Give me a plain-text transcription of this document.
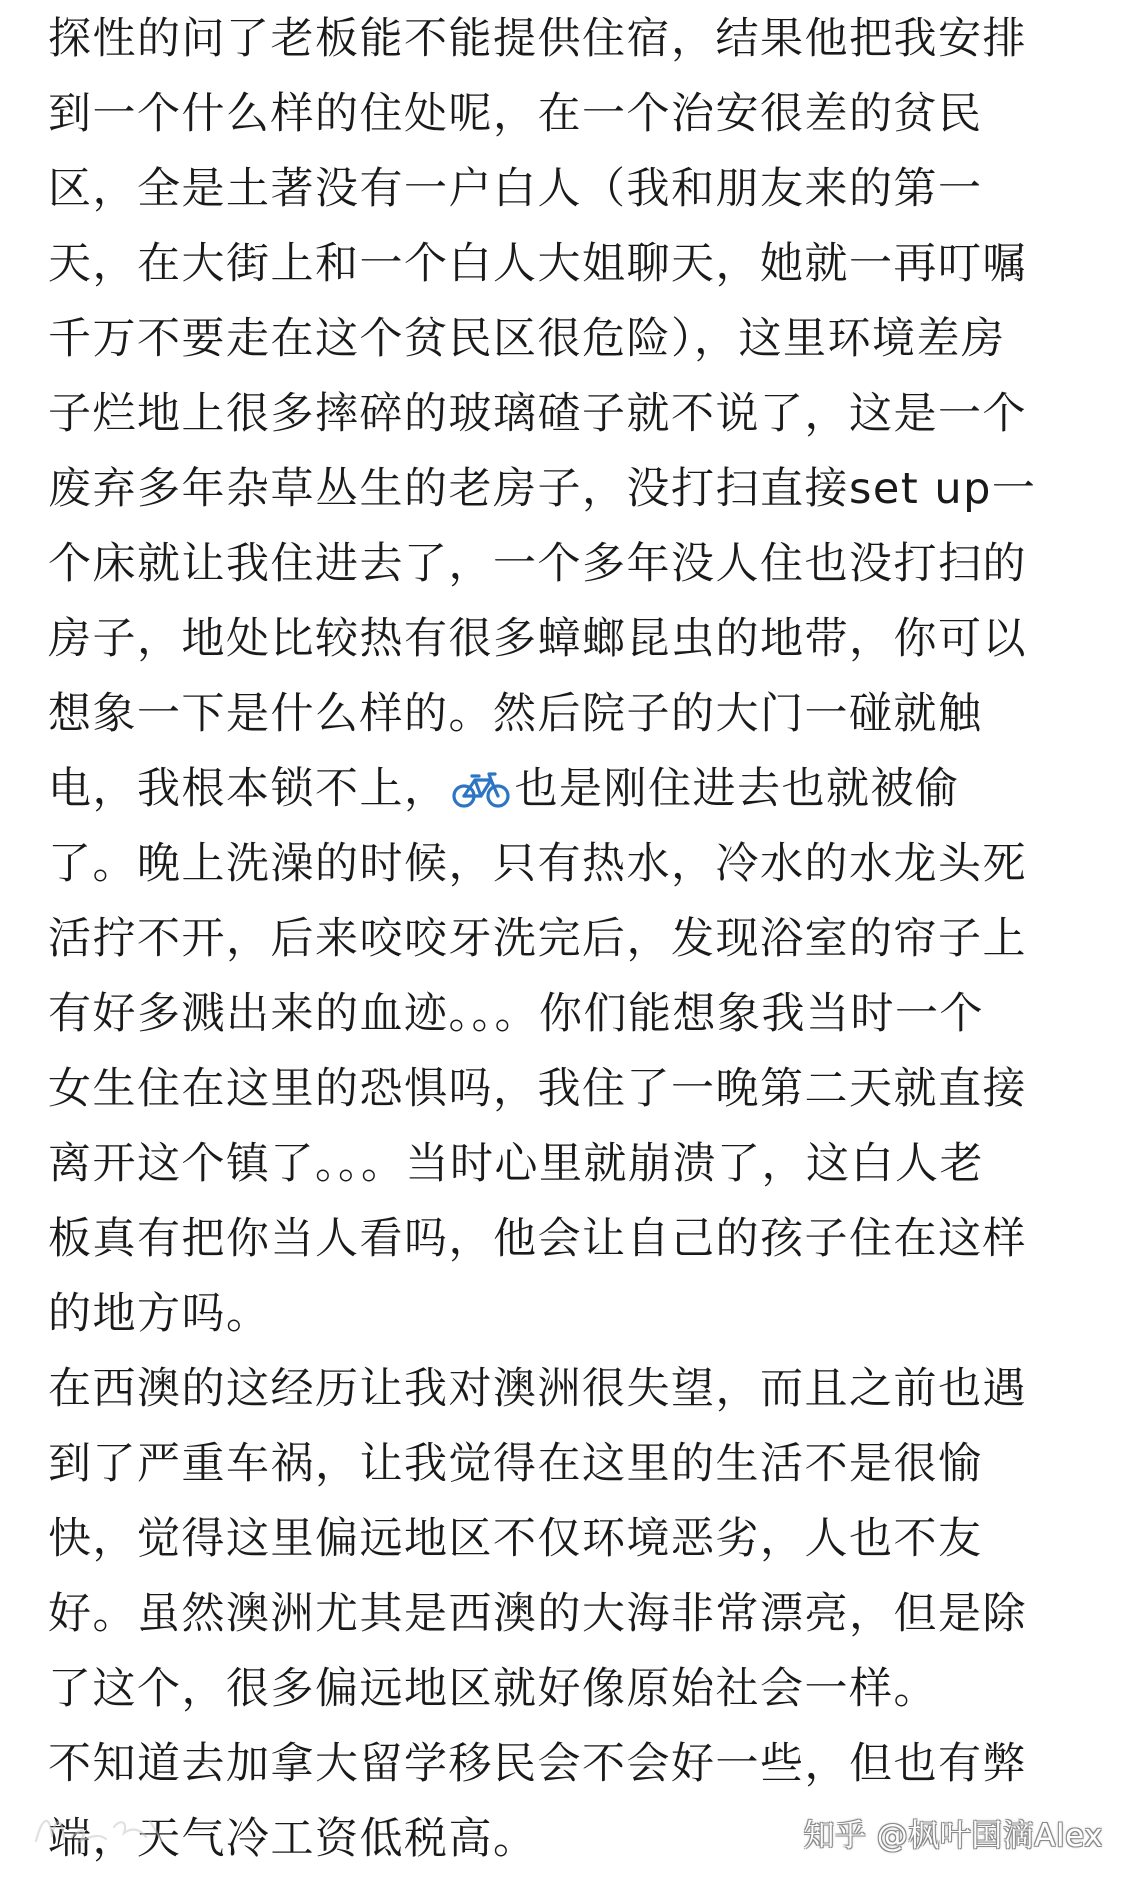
探性的问了老板能不能提供住宿，结果他把我安排
到一个什么样的住处呢，在一个治安很差的贫民
区，全是土著没有一户白人（我和朋友来的第一
天，在大街上和一个白人大姐聊天，她就一再叮嘱
千万不要走在这个贫民区很危险），这里环境差房
子烂地上很多摔碎的玻璃碴子就不说了，这是一个
废弃多年杂草丛生的老房子，没打扫直接set up一
个床就让我住进去了，一个多年没人住也没打扫的
房子，地处比较热有很多蟑螂昆虫的地带，你可以
想象一下是什么样的。然后院子的大门一碰就触
电，我根本锁不上， 也是刚住进去也就被偷
了。晚上洗澡的时候，只有热水，冷水的水龙头死
活拧不开，后来咬咬牙洗完后，发现浴室的帘子上
有好多溅出来的血迹。。。你们能想象我当时一个
女生住在这里的恐惧吗，我住了一晚第二天就直接
离开这个镇了。。。当时心里就崩溃了，这白人老
板真有把你当人看吗，他会让自己的孩子住在这样
的地方吗。
在西澳的这经历让我对澳洲很失望，而且之前也遇
到了严重车祸，让我觉得在这里的生活不是很愉
快，觉得这里偏远地区不仅环境恶劣，人也不友
好。虽然澳洲尤其是西澳的大海非常漂亮，但是除
了这个，很多偏远地区就好像原始社会一样。
不知道去加拿大留学移民会不会好一些，但也有弊
端，天气冷工资低税高。	知乎 @枫叶国滴Alex
